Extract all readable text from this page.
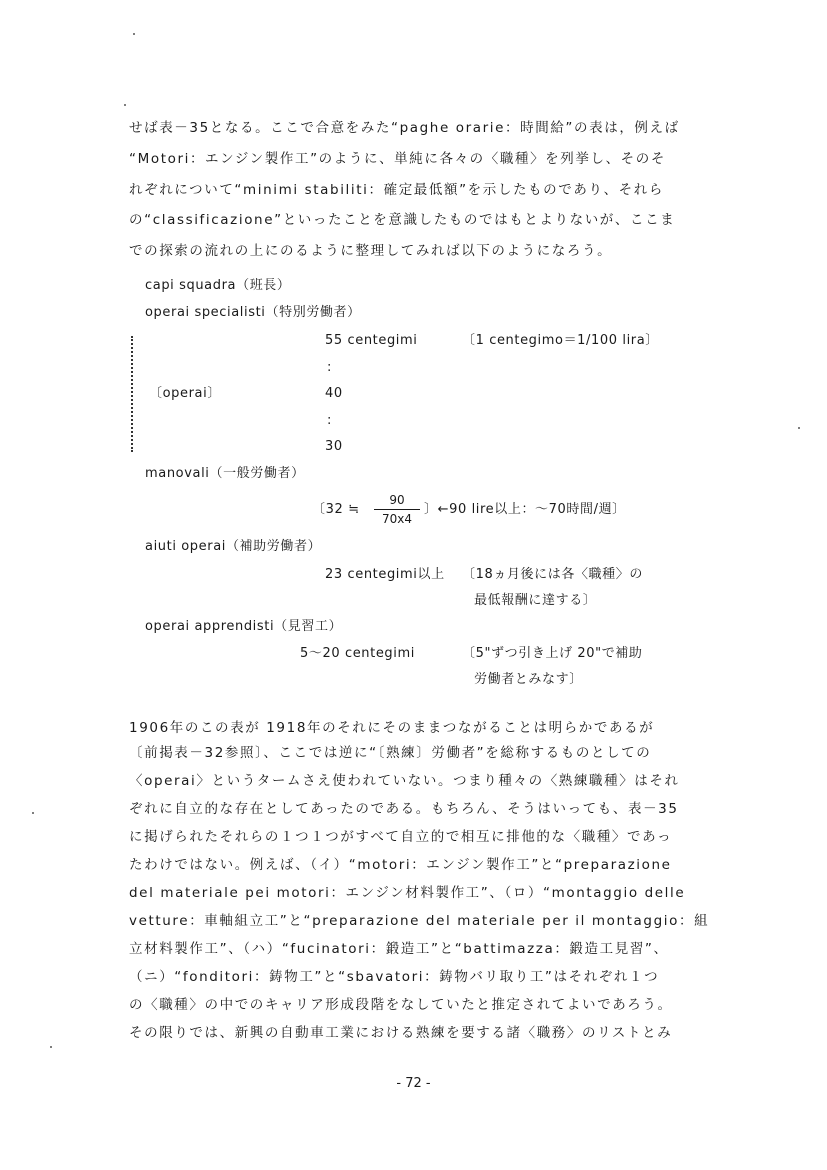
せば表－35となる。ここで合意をみた“paghe orarie：時間給”の表は，例えば
“Motori：エンジン製作工”のように、単純に各々の〈職種〉を列挙し、そのそ
れぞれについて“minimi stabiliti：確定最低額”を示したものであり、それら
の“classificazione”といったことを意識したものではもとよりないが、ここま
での探索の流れの上にのるように整理してみれば以下のようになろう。
capi squadra（班長）
operai specialisti（特別労働者）
55 centegimi	〔1 centegimo＝1/100 lira〕
:
〔operai〕	40
:
30
manovali（一般労働者）
〔32 ≒ $\frac{90}{70x4}$ 〕←90 lire以上：～70時間/週〕
aiuti operai（補助労働者）
23 centegimi以上 〔18ヵ月後には各〈職種〉の
最低報酬に達する〕
operai apprendisti（見習工）
5～20 centegimi	〔5"ずつ引き上げ 20"で補助
労働者とみなす〕
1906年のこの表が 1918年のそれにそのままつながることは明らかであるが
〔前掲表－32参照〕、ここでは逆に“〔熟練〕労働者”を総称するものとしての
〈operai〉というタームさえ使われていない。つまり種々の〈熟練職種〉はそれ
ぞれに自立的な存在としてあったのである。もちろん、そうはいっても、表－35
に掲げられたそれらの１つ１つがすべて自立的で相互に排他的な〈職種〉であっ
たわけではない。例えば、（イ）“motori：エンジン製作工”と“preparazione
del materiale pei motori：エンジン材料製作工”、（ロ）“montaggio delle
vetture：車軸組立工”と“preparazione del materiale per il montaggio：組
立材料製作工”、（ハ）“fucinatori：鍛造工”と“battimazza：鍛造工見習”、
（ニ）“fonditori：鋳物工”と“sbavatori：鋳物バリ取り工”はそれぞれ１つ
の〈職種〉の中でのキャリア形成段階をなしていたと推定されてよいであろう。
その限りでは、新興の自動車工業における熟練を要する諸〈職務〉のリストとみ
- 72 -
